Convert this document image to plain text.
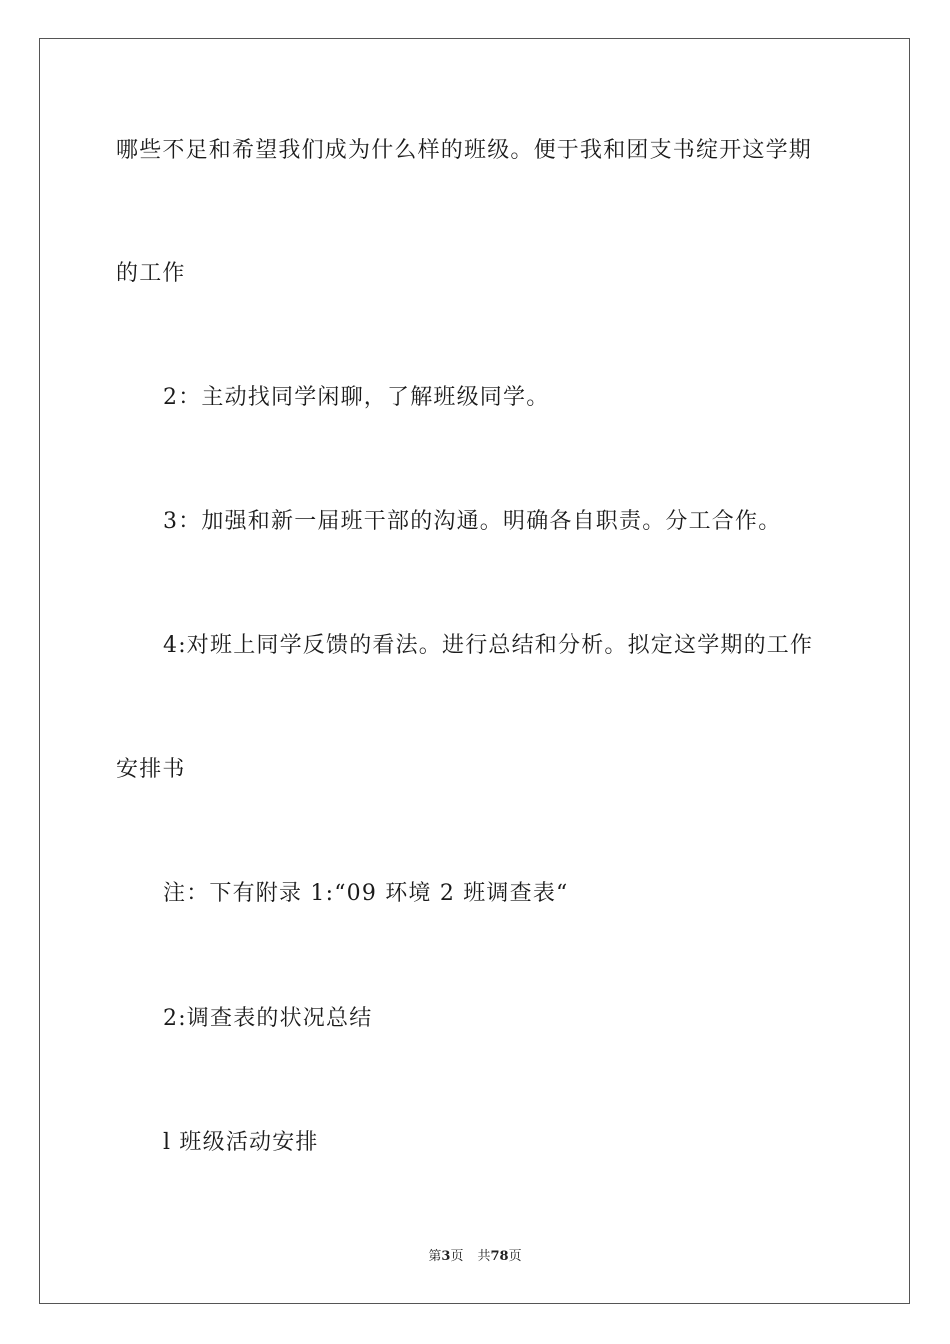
哪些不足和希望我们成为什么样的班级。便于我和团支书绽开这学期
的工作
2：主动找同学闲聊，了解班级同学。
3：加强和新一届班干部的沟通。明确各自职责。分工合作。
4:对班上同学反馈的看法。进行总结和分析。拟定这学期的工作
安排书
注：下有附录 1:“09 环境 2 班调查表“
2:调查表的状况总结
l 班级活动安排
第3页 共78页
